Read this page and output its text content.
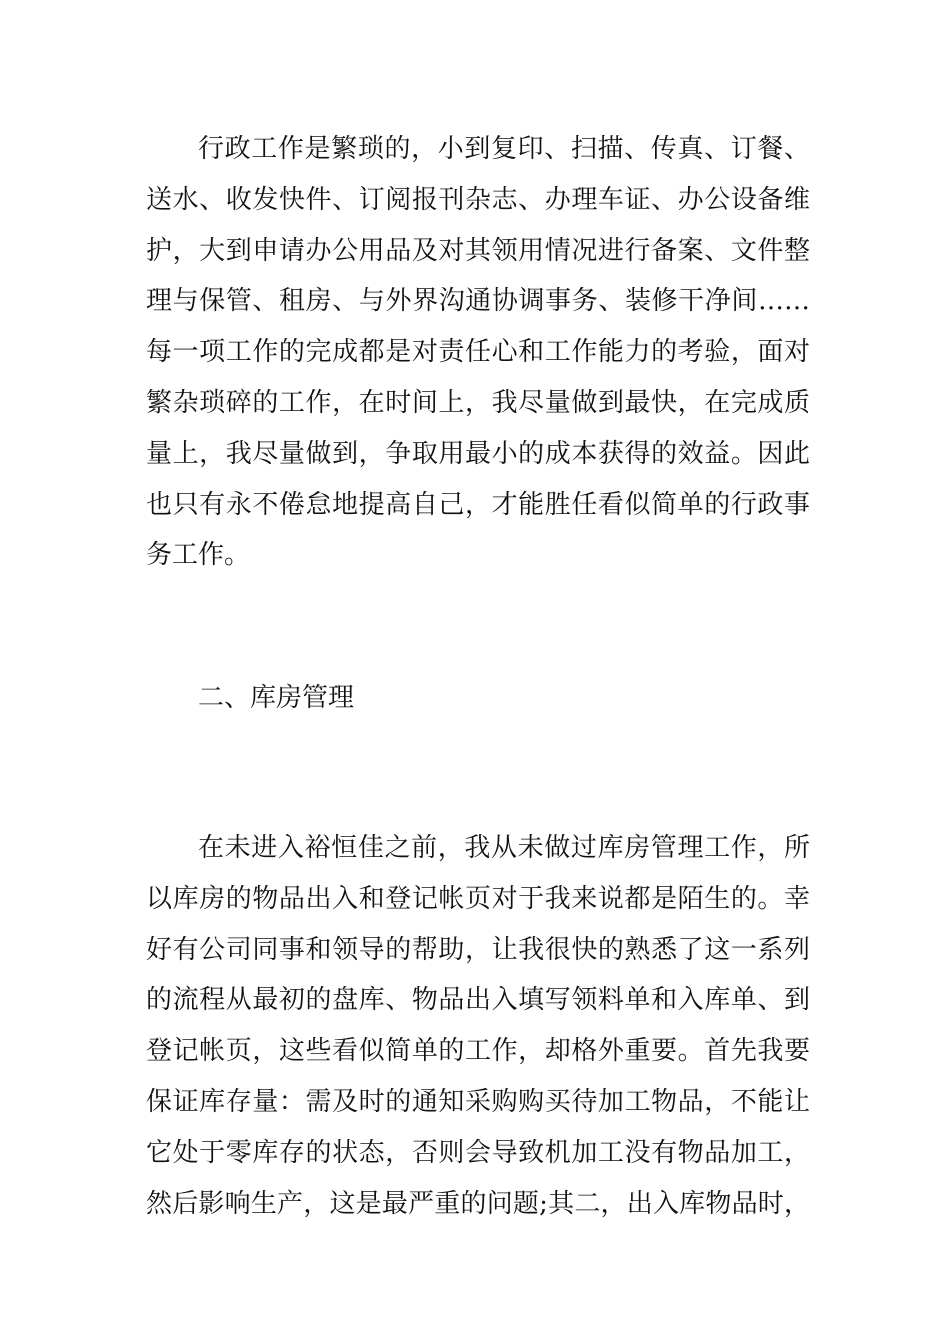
行政工作是繁琐的，小到复印、扫描、传真、订餐、
送水、收发快件、订阅报刊杂志、办理车证、办公设备维
护，大到申请办公用品及对其领用情况进行备案、文件整
理与保管、租房、与外界沟通协调事务、装修干净间……
每一项工作的完成都是对责任心和工作能力的考验，面对
繁杂琐碎的工作，在时间上，我尽量做到最快，在完成质
量上，我尽量做到，争取用最小的成本获得的效益。因此
也只有永不倦怠地提高自己，才能胜任看似简单的行政事
务工作。
二、库房管理
在未进入裕恒佳之前，我从未做过库房管理工作，所
以库房的物品出入和登记帐页对于我来说都是陌生的。幸
好有公司同事和领导的帮助，让我很快的熟悉了这一系列
的流程从最初的盘库、物品出入填写领料单和入库单、到
登记帐页，这些看似简单的工作，却格外重要。首先我要
保证库存量：需及时的通知采购购买待加工物品，不能让
它处于零库存的状态，否则会导致机加工没有物品加工，
然后影响生产，这是最严重的问题;其二，出入库物品时，
